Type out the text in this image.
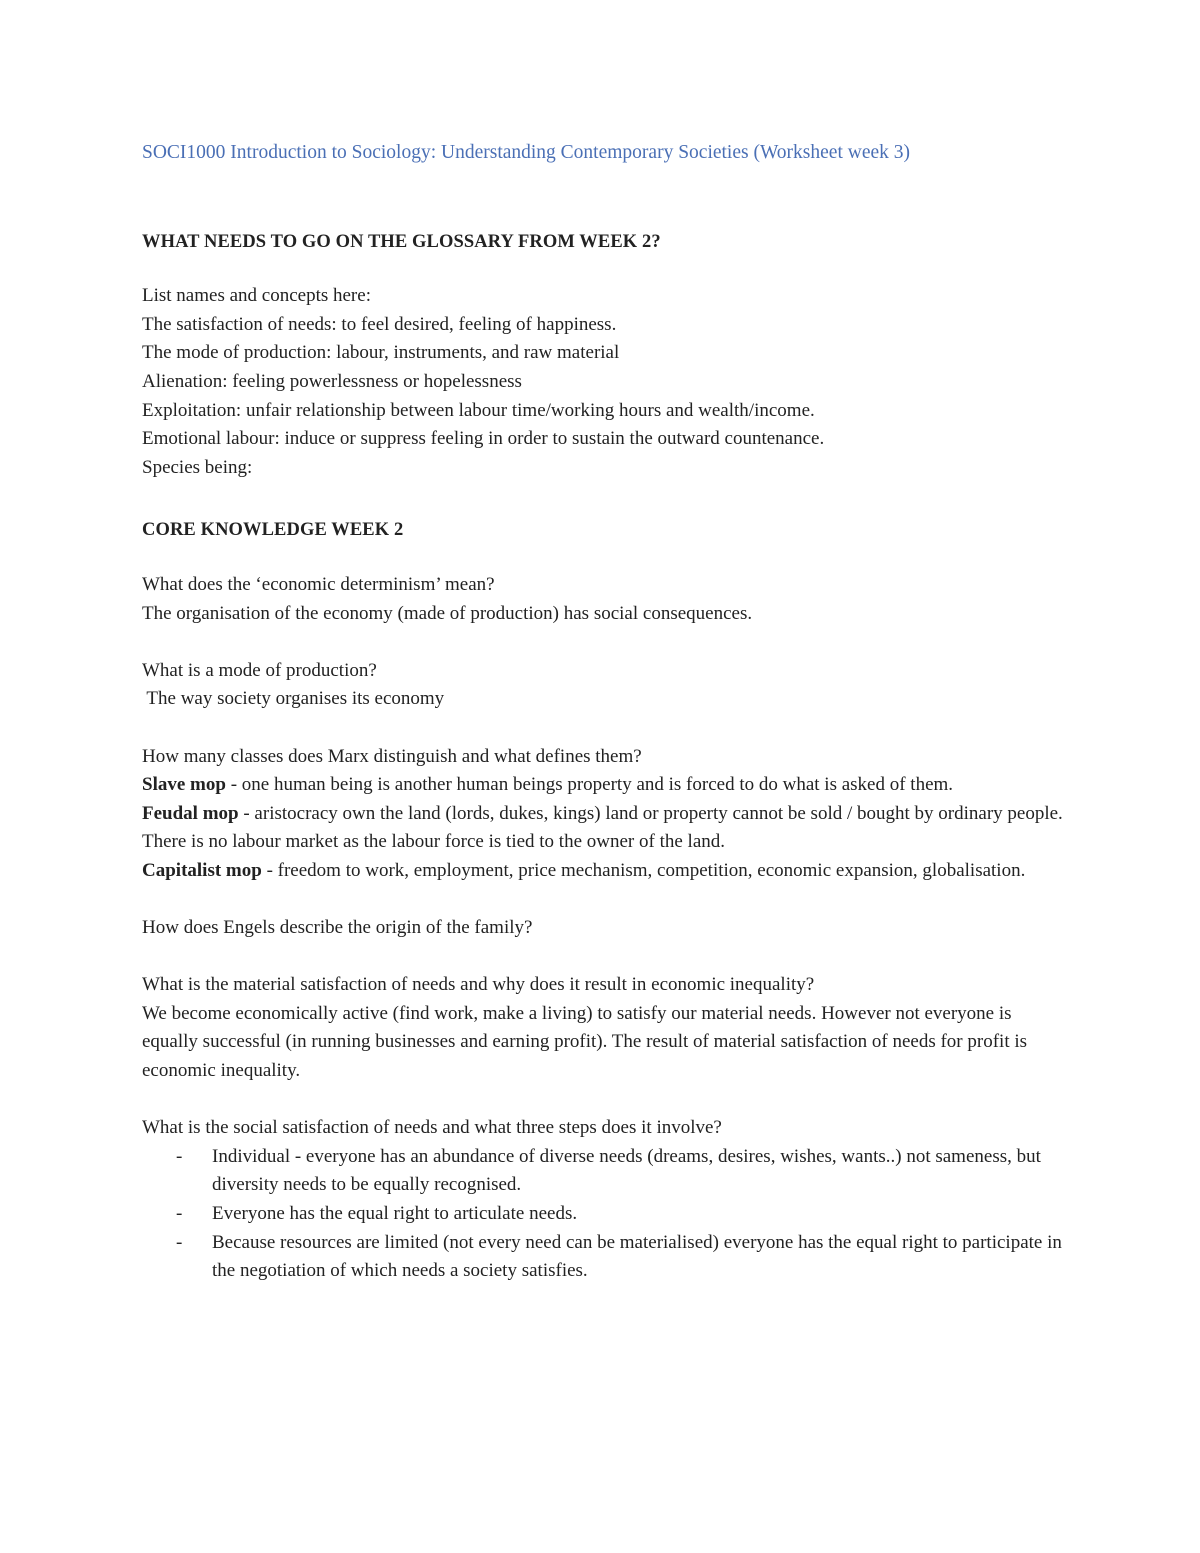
SOCI1000 Introduction to Sociology: Understanding Contemporary Societies (Worksheet week 3)

WHAT NEEDS TO GO ON THE GLOSSARY FROM WEEK 2?

List names and concepts here:

The satisfaction of needs: to feel desired, feeling of happiness.

The mode of production: labour, instruments, and raw material

Alienation: feeling powerlessness or hopelessness

Exploitation: unfair relationship between labour time/working hours and wealth/income.

Emotional labour: induce or suppress feeling in order to sustain the outward countenance.

Species being:

CORE KNOWLEDGE WEEK 2

What does the ‘economic determinism’ mean?

The organisation of the economy (made of production) has social consequences.

What is a mode of production?

The way society organises its economy

How many classes does Marx distinguish and what defines them?

Slave mop - one human being is another human beings property and is forced to do what is asked of them.

Feudal mop - aristocracy own the land (lords, dukes, kings) land or property cannot be sold / bought by ordinary people. There is no labour market as the labour force is tied to the owner of the land.

Capitalist mop - freedom to work, employment, price mechanism, competition, economic expansion, globalisation.

How does Engels describe the origin of the family?

What is the material satisfaction of needs and why does it result in economic inequality?

We become economically active (find work, make a living) to satisfy our material needs. However not everyone is equally successful (in running businesses and earning profit). The result of material satisfaction of needs for profit is economic inequality.

What is the social satisfaction of needs and what three steps does it involve?

- Individual - everyone has an abundance of diverse needs (dreams, desires, wishes, wants..) not sameness, but diversity needs to be equally recognised.
- Everyone has the equal right to articulate needs.
- Because resources are limited (not every need can be materialised) everyone has the equal right to participate in the negotiation of which needs a society satisfies.
